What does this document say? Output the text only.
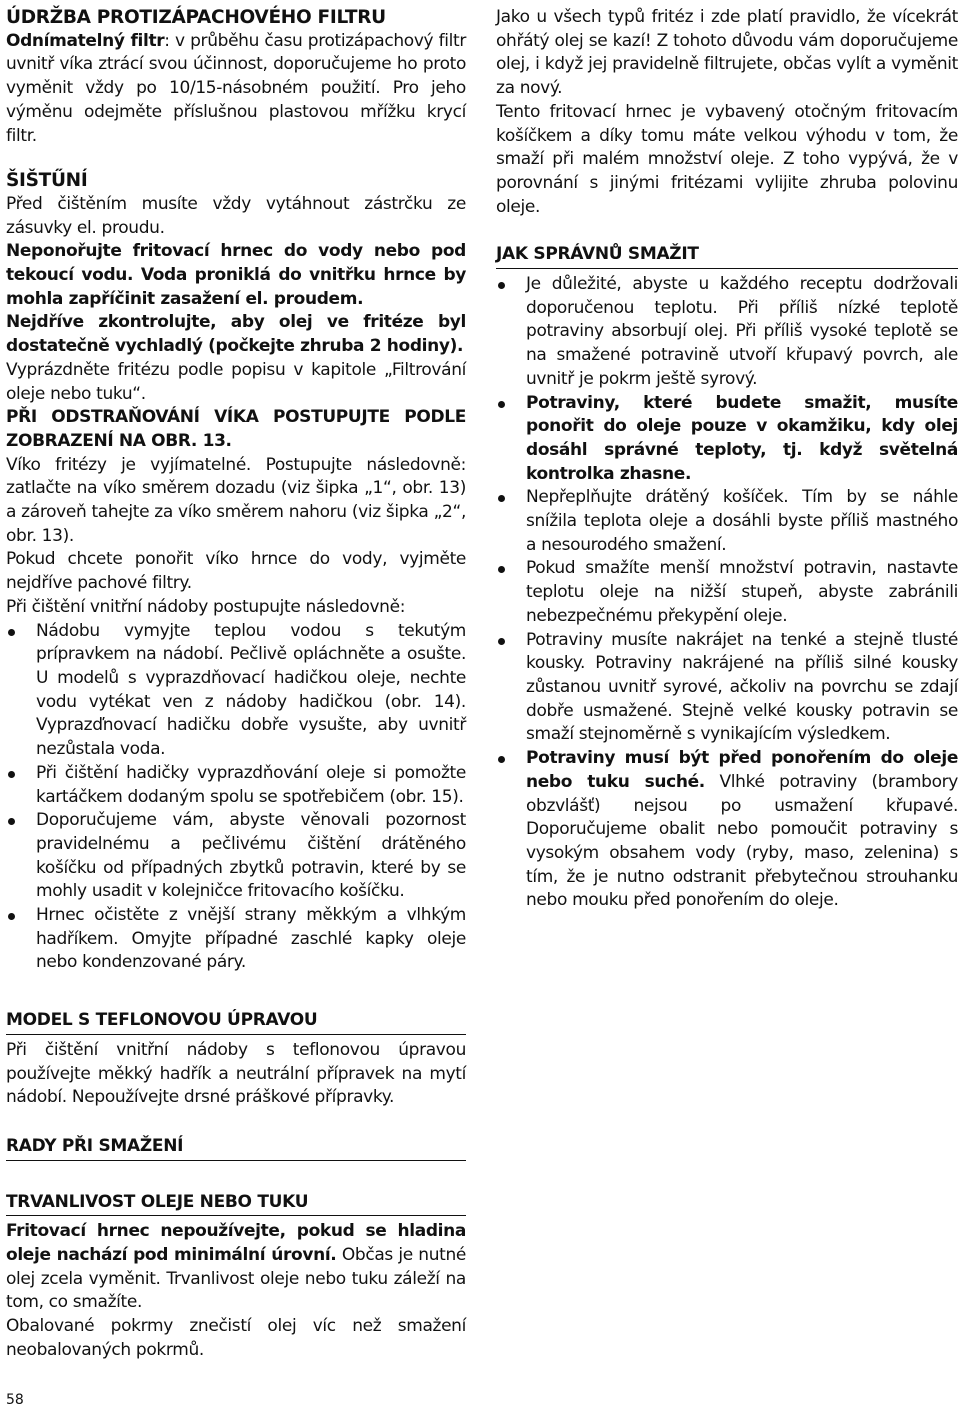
ÚDRŽBA PROTIZÁPACHOVÉHO FILTRU

Odnímatelný filtr: v průběhu času protizápachový filtr uvnitř víka ztrácí svou účinnost, doporučujeme ho proto vyměnit vždy po 10/15-násobném použití. Pro jeho výměnu odejměte příslušnou plastovou mřížku krycí filtr.

ŠIŠTŰNÍ

Před čištěním musíte vždy vytáhnout zástrčku ze zásuvky el. proudu.

Neponořujte fritovací hrnec do vody nebo pod tekoucí vodu. Voda proniklá do vnitřku hrnce by mohla zapříčinit zasažení el. proudem.

Nejdříve zkontrolujte, aby olej ve fritéze byl dostatečně vychladlý (počkejte zhruba 2 hodiny).

Vyprázdněte fritézu podle popisu v kapitole „Filtrování oleje nebo tuku“.

PŘI ODSTRAŇOVÁNÍ VÍKA POSTUPUJTE PODLE ZOBRAZENÍ NA OBR. 13.

Víko fritézy je vyjímatelné. Postupujte následovně: zatlačte na víko směrem dozadu (viz šipka „1“, obr. 13) a zároveň tahejte za víko směrem nahoru (viz šipka „2“, obr. 13).

Pokud chcete ponořit víko hrnce do vody, vyjměte nejdříve pachové filtry.

Při čištění vnitřní nádoby postupujte následovně:

Nádobu vymyjte teplou vodou s tekutým prípravkem na nádobí. Pečlivě opláchněte a osušte. U modelů s vyprazdňovací hadičkou oleje, nechte vodu vytékat ven z nádoby hadičkou (obr. 14). Vyprazďnovací hadičku dobře vysušte, aby uvnitř nezůstala voda.
Při čištění hadičky vyprazdňování oleje si pomožte kartáčkem dodaným spolu se spotřebičem (obr. 15).
Doporučujeme vám, abyste věnovali pozornost pravidelnému a pečlivému čištění drátěného košíčku od případných zbytků potravin, které by se mohly usadit v kolejničce fritovacího košíčku.
Hrnec očistěte z vnější strany měkkým a vlhkým hadříkem. Omyjte případné zaschlé kapky oleje nebo kondenzované páry.

MODEL S TEFLONOVOU ÚPRAVOU

Při čištění vnitřní nádoby s teflonovou úpravou používejte měkký hadřík a neutrální přípravek na mytí nádobí. Nepoužívejte drsné práškové přípravky.

RADY PŘI SMAŽENÍ

TRVANLIVOST OLEJE NEBO TUKU

Fritovací hrnec nepoužívejte, pokud se hladina oleje nachází pod minimální úrovní. Občas je nutné olej zcela vyměnit. Trvanlivost oleje nebo tuku záleží na tom, co smažíte.

Obalované pokrmy znečistí olej víc než smažení neobalovaných pokrmů.

Jako u všech typů fritéz i zde platí pravidlo, že vícekrát ohřátý olej se kazí! Z tohoto důvodu vám doporučujeme olej, i když jej pravidelně filtrujete, občas vylít a vyměnit za nový.

Tento fritovací hrnec je vybavený otočným fritovacím košíčkem a díky tomu máte velkou výhodu v tom, že smaží při malém množství oleje. Z toho vypývá, že v porovnání s jinými fritézami vylijite zhruba polovinu oleje.

JAK SPRÁVNŮ SMAŽIT

Je důležité, abyste u každého receptu dodržovali doporučenou teplotu. Při příliš nízké teplotě potraviny absorbují olej. Při příliš vysoké teplotě se na smažené potravině utvoří křupavý povrch, ale uvnitř je pokrm ještě syrový.
Potraviny, které budete smažit, musíte ponořit do oleje pouze v okamžiku, kdy olej dosáhl správné teploty, tj. když světelná kontrolka zhasne.
Nepřeplňujte drátěný košíček. Tím by se náhle snížila teplota oleje a dosáhli byste příliš mastného a nesourodého smažení.
Pokud smažíte menší množství potravin, nastavte teplotu oleje na nižší stupeň, abyste zabránili nebezpečnému překypění oleje.
Potraviny musíte nakrájet na tenké a stejně tlusté kousky. Potraviny nakrájené na příliš silné kousky zůstanou uvnitř syrové, ačkoliv na povrchu se zdají dobře usmažené. Stejně velké kousky potravin se smaží stejnoměrně s vynikajícím výsledkem.
Potraviny musí být před ponořením do oleje nebo tuku suché. Vlhké potraviny (brambory obzvlášť) nejsou po usmažení křupavé. Doporučujeme obalit nebo pomoučit potraviny s vysokým obsahem vody (ryby, maso, zelenina) s tím, že je nutno odstranit přebytečnou strouhanku nebo mouku před ponořením do oleje.
58
